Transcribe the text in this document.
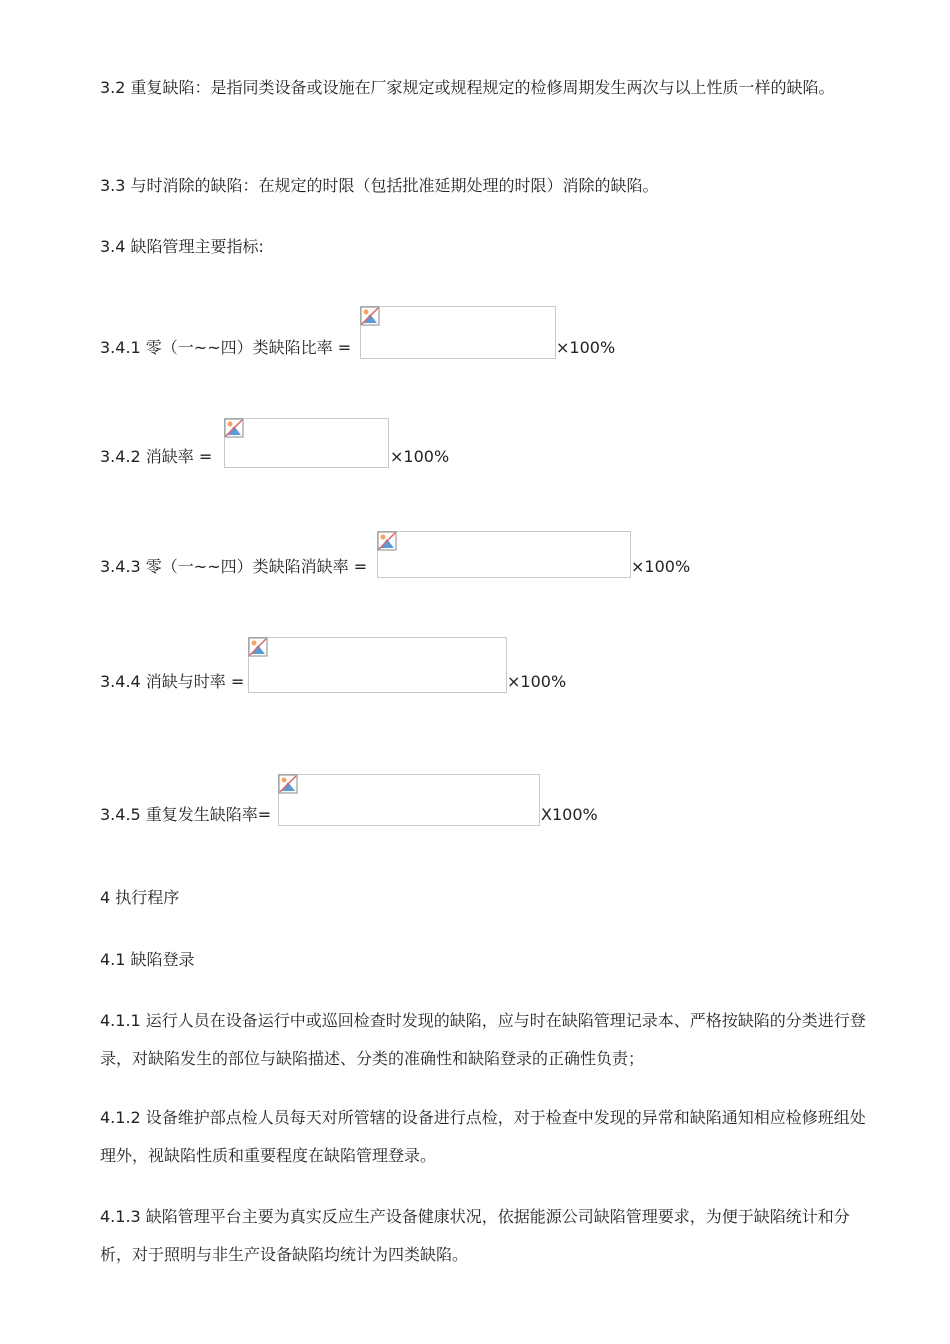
3.2 重复缺陷：是指同类设备或设施在厂家规定或规程规定的检修周期发生两次与以上性质一样的缺陷。
3.3 与时消除的缺陷：在规定的时限（包括批准延期处理的时限）消除的缺陷。
3.4 缺陷管理主要指标:
3.4.1 零（一~~四）类缺陷比率 =	×100%
3.4.2 消缺率 =	×100%
3.4.3 零（一~~四）类缺陷消缺率 =	×100%
3.4.4 消缺与时率 =	×100%
3.4.5 重复发生缺陷率=	X100%
4 执行程序
4.1 缺陷登录
4.1.1 运行人员在设备运行中或巡回检查时发现的缺陷，应与时在缺陷管理记录本、严格按缺陷的分类进行登录，对缺陷发生的部位与缺陷描述、分类的准确性和缺陷登录的正确性负责；
4.1.2 设备维护部点检人员每天对所管辖的设备进行点检，对于检查中发现的异常和缺陷通知相应检修班组处理外，视缺陷性质和重要程度在缺陷管理登录。
4.1.3 缺陷管理平台主要为真实反应生产设备健康状况，依据能源公司缺陷管理要求，为便于缺陷统计和分析，对于照明与非生产设备缺陷均统计为四类缺陷。
